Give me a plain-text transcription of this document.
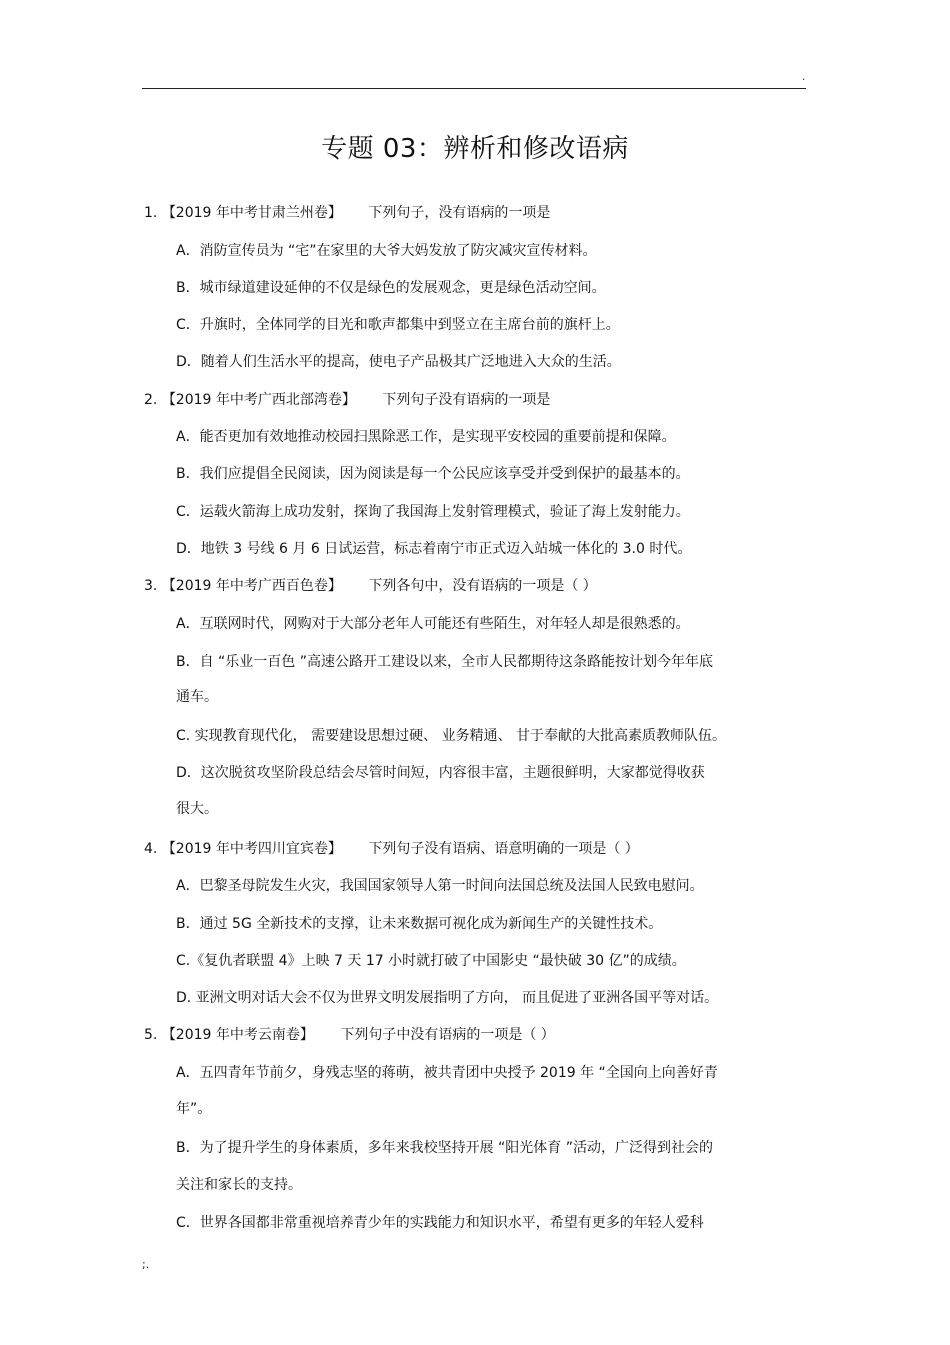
.
专题 03：辨析和修改语病
1. 【2019 年中考甘肃兰州卷】 下列句子，没有语病的一项是
A．消防宣传员为 “宅”在家里的大爷大妈发放了防灾减灾宣传材料。
B．城市绿道建设延伸的不仅是绿色的发展观念，更是绿色活动空间。
C．升旗时，全体同学的目光和歌声都集中到竖立在主席台前的旗杆上。
D．随着人们生活水平的提高，使电子产品极其广泛地进入大众的生活。
2. 【2019 年中考广西北部湾卷】 下列句子没有语病的一项是
A．能否更加有效地推动校园扫黑除恶工作，是实现平安校园的重要前提和保障。
B．我们应提倡全民阅读，因为阅读是每一个公民应该享受并受到保护的最基本的。
C．运载火箭海上成功发射，探询了我国海上发射管理模式，验证了海上发射能力。
D．地铁 3 号线 6 月 6 日试运营，标志着南宁市正式迈入站城一体化的 3.0 时代。
3. 【2019 年中考广西百色卷】 下列各句中，没有语病的一项是（ ）
A．互联网时代，网购对于大部分老年人可能还有些陌生，对年轻人却是很熟悉的。
B．自 “乐业一百色 ”高速公路开工建设以来，全市人民都期待这条路能按计划今年年底
通车。
C. 实现教育现代化， 需要建设思想过硬、 业务精通、 甘于奉献的大批高素质教师队伍。
D．这次脱贫攻坚阶段总结会尽管时间短，内容很丰富，主题很鲜明，大家都觉得收获
很大。
4. 【2019 年中考四川宜宾卷】 下列句子没有语病、语意明确的一项是（ ）
A．巴黎圣母院发生火灾，我国国家领导人第一时间向法国总统及法国人民致电慰问。
B．通过 5G 全新技术的支撑，让未来数据可视化成为新闻生产的关键性技术。
C.《复仇者联盟 4》上映 7 天 17 小时就打破了中国影史 “最快破 30 亿”的成绩。
D. 亚洲文明对话大会不仅为世界文明发展指明了方向， 而且促进了亚洲各国平等对话。
5. 【2019 年中考云南卷】 下列句子中没有语病的一项是（ ）
A．五四青年节前夕，身残志坚的蒋萌，被共青团中央授予 2019 年 “全国向上向善好青
年”。
B．为了提升学生的身体素质，多年来我校坚持开展 “阳光体育 ”活动，广泛得到社会的
关注和家长的支持。
C．世界各国都非常重视培养青少年的实践能力和知识水平，希望有更多的年轻人爱科
;.
